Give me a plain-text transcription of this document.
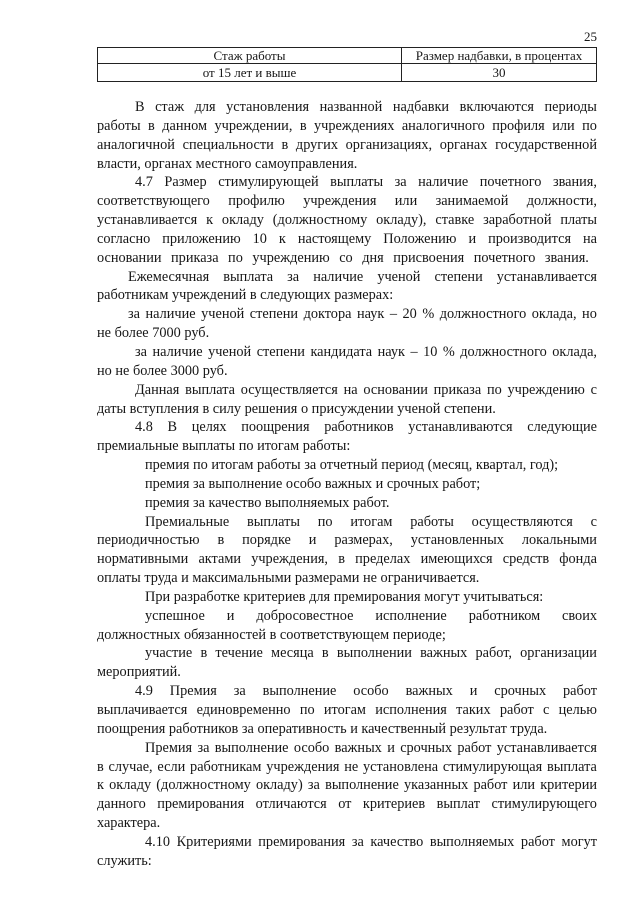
25
Стаж работы	Размер надбавки, в процентах
от 15 лет и выше	30
В стаж для установления названной надбавки включаются периоды
работы в данном учреждении, в учреждениях аналогичного профиля или по
аналогичной специальности в других организациях, органах государственной
власти, органах местного самоуправления.
4.7 Размер стимулирующей выплаты за наличие почетного звания,
соответствующего профилю учреждения или занимаемой должности,
устанавливается к окладу (должностному окладу), ставке заработной платы
согласно приложению 10 к настоящему Положению и производится на
основании приказа по учреждению со дня присвоения почетного звания.
Ежемесячная выплата за наличие ученой степени устанавливается
работникам учреждений в следующих размерах:
за наличие ученой степени доктора наук – 20 % должностного оклада, но
не более 7000 руб.
за наличие ученой степени кандидата наук – 10 % должностного оклада,
но не более 3000 руб.
Данная выплата осуществляется на основании приказа по учреждению с
даты вступления в силу решения о присуждении ученой степени.
4.8 В целях поощрения работников устанавливаются следующие
премиальные выплаты по итогам работы:
премия по итогам работы за отчетный период (месяц, квартал, год);
премия за выполнение особо важных и срочных работ;
премия за качество выполняемых работ.
Премиальные выплаты по итогам работы осуществляются с
периодичностью в порядке и размерах, установленных локальными
нормативными актами учреждения, в пределах имеющихся средств фонда
оплаты труда и максимальными размерами не ограничивается.
При разработке критериев для премирования могут учитываться:
успешное и добросовестное исполнение работником своих
должностных обязанностей в соответствующем периоде;
участие в течение месяца в выполнении важных работ, организации
мероприятий.
4.9 Премия за выполнение особо важных и срочных работ
выплачивается единовременно по итогам исполнения таких работ с целью
поощрения работников за оперативность и качественный результат труда.
Премия за выполнение особо важных и срочных работ устанавливается
в случае, если работникам учреждения не установлена стимулирующая выплата
к окладу (должностному окладу) за выполнение указанных работ или критерии
данного премирования отличаются от критериев выплат стимулирующего
характера.
4.10 Критериями премирования за качество выполняемых работ могут
служить:
